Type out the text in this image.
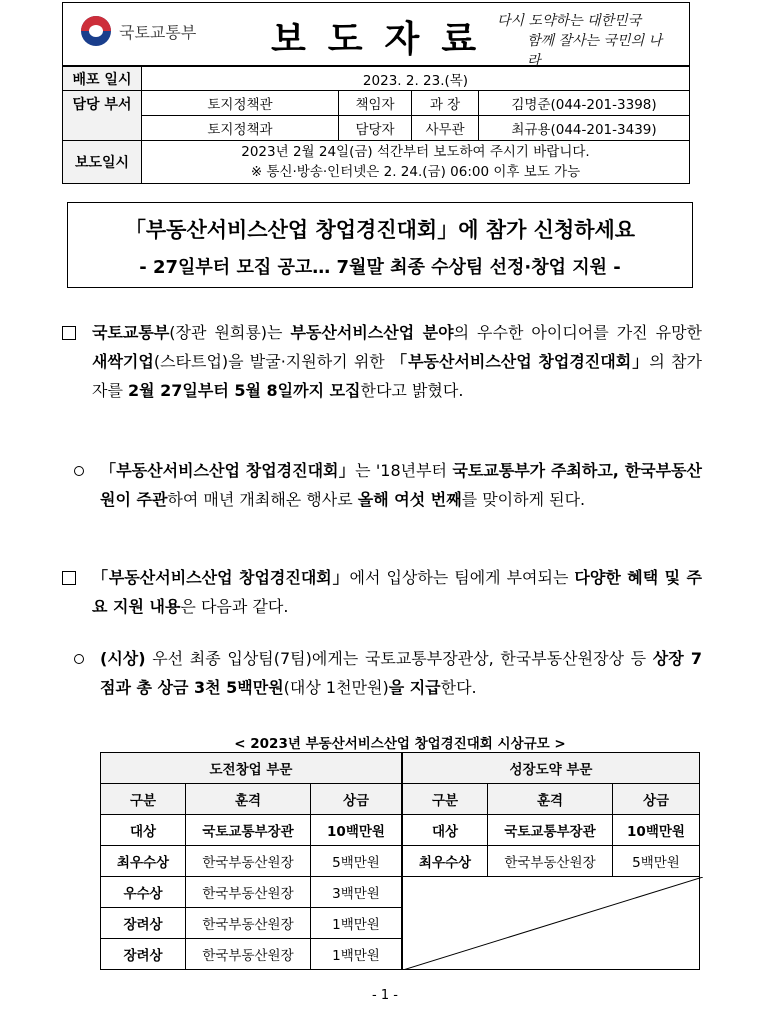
국토교통부 보도자료
다시 도약하는 대한민국
함께 잘사는 국민의 나라
배포 일시	2023. 2. 23.(목)			
담당 부서	토지정책관	책임자	과 장	김명준(044-201-3398)
	토지정책과	담당자	사무관	최규용(044-201-3439)
보도일시	2023년 2월 24일(금) 석간부터 보도하여 주시기 바랍니다.
※ 통신·방송·인터넷은 2. 24.(금) 06:00 이후 보도 가능			
「부동산서비스산업 창업경진대회」에 참가 신청하세요
- 27일부터 모집 공고… 7월말 최종 수상팀 선정·창업 지원 -
국토교통부(장관 원희룡)는 부동산서비스산업 분야의 우수한 아이디어를 가진 유망한 새싹기업(스타트업)을 발굴·지원하기 위한 「부동산서비스산업 창업경진대회」의 참가자를 2월 27일부터 5월 8일까지 모집한다고 밝혔다.
「부동산서비스산업 창업경진대회」는 '18년부터 국토교통부가 주최하고, 한국부동산원이 주관하여 매년 개최해온 행사로 올해 여섯 번째를 맞이하게 된다.
「부동산서비스산업 창업경진대회」에서 입상하는 팀에게 부여되는 다양한 혜택 및 주요 지원 내용은 다음과 같다.
(시상) 우선 최종 입상팀(7팀)에게는 국토교통부장관상, 한국부동산원장상 등 상장 7점과 총 상금 3천 5백만원(대상 1천만원)을 지급한다.
< 2023년 부동산서비스산업 창업경진대회 시상규모 >
도전창업 부문			성장도약 부문		
구분	훈격	상금	구분	훈격	상금
대상	국토교통부장관	10백만원	대상	국토교통부장관	10백만원
최우수상	한국부동산원장	5백만원	최우수상	한국부동산원장	5백만원
우수상	한국부동산원장	3백만원	

장려상	한국부동산원장	1백만원			
장려상	한국부동산원장	1백만원			
- 1 -
